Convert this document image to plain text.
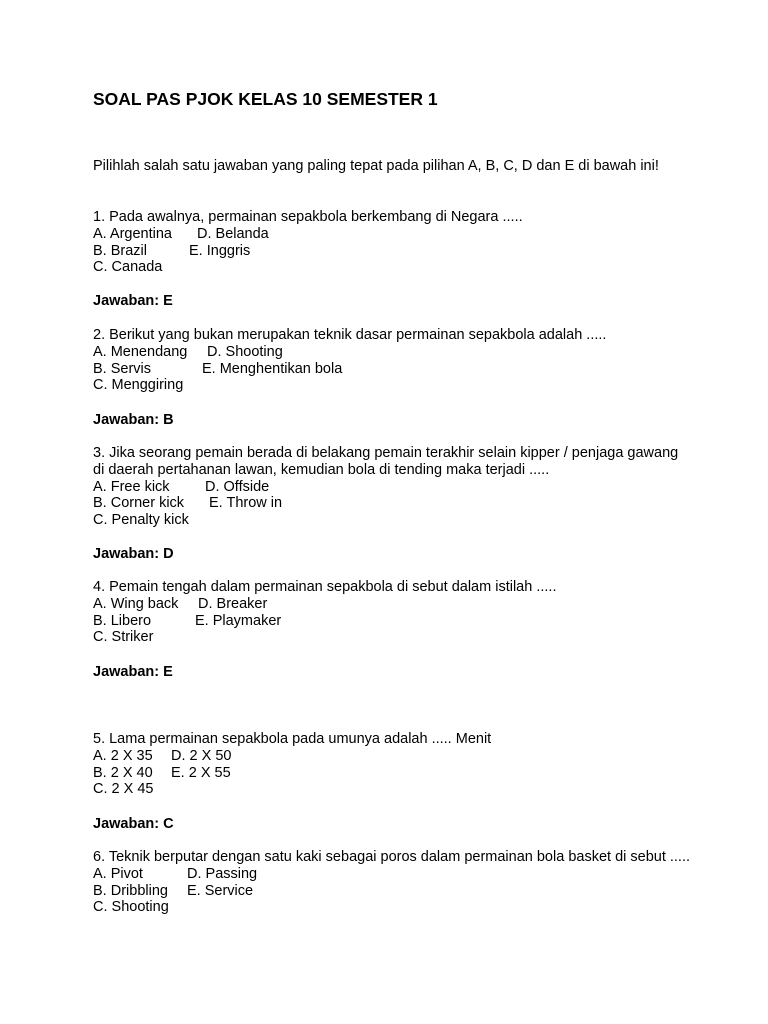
SOAL PAS PJOK KELAS 10 SEMESTER 1
Pilihlah salah satu jawaban yang paling tepat pada pilihan A, B, C, D dan E di bawah ini!
1. Pada awalnya, permainan sepakbola berkembang di Negara .....
A. Argentina D. Belanda
B. Brazil	E. Inggris
C. Canada
Jawaban: E
2. Berikut yang bukan merupakan teknik dasar permainan sepakbola adalah .....
A. Menendang D. Shooting
B. Servis	E. Menghentikan bola
C. Menggiring
Jawaban: B
3. Jika seorang pemain berada di belakang pemain terakhir selain kipper / penjaga gawang di daerah pertahanan lawan, kemudian bola di tending maka terjadi .....
A. Free kick D. Offside
B. Corner kick E. Throw in
C. Penalty kick
Jawaban: D
4. Pemain tengah dalam permainan sepakbola di sebut dalam istilah .....
A. Wing back D. Breaker
B. Libero	E. Playmaker
C. Striker
Jawaban: E
5. Lama permainan sepakbola pada umunya adalah ..... Menit
A. 2 X 35 D. 2 X 50
B. 2 X 40 E. 2 X 55
C. 2 X 45
Jawaban: C
6. Teknik berputar dengan satu kaki sebagai poros dalam permainan bola basket di sebut .....
A. Pivot	D. Passing
B. Dribbling E. Service
C. Shooting
